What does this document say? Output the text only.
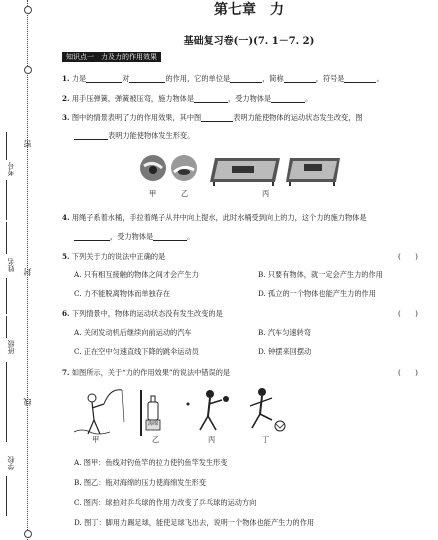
密
封
线
考号
姓名
班级
学校
第七章　力
基础复习卷(一)(7. 1－7. 2)
知识点一　力及力的作用效果
1. 力是	对	的作用，它的单位是	，简称	，符号是	。
2. 用手压弹簧，弹簧被压弯，施力物体是	，受力物体是	。
3. 图中的情景表明了力的作用效果，其中图	表明力能使物体的运动状态发生改变，图
表明力能使物体发生形变。
甲	乙	丙
4. 用绳子系着水桶，手拉着绳子从井中向上提水，此时水桶受到向上的力，这个力的施力物体是
，受力物体是	。
5. 下列关于力的说法中正确的是	(　　)
A. 只有相互接触的物体之间才会产生力	B. 只要有物体，就一定会产生力的作用
C. 力不能脱离物体而单独存在	D. 孤立的一个物体也能产生力的作用
6. 下列情景中，物体的运动状态没有发生改变的是	(　　)
A. 关闭发动机后继续向前运动的汽车	B. 汽车匀速转弯
C. 正在空中匀速直线下降的跳伞运动员	D. 钟摆来回摆动
7. 如图所示，关于“力的作用效果”的说法中错误的是	(　　)
海绵
甲	乙	丙	丁
A. 图甲：鱼线对钓鱼竿的拉力使钓鱼竿发生形变
B. 图乙：瓶对海绵的压力使海绵发生形变
C. 图丙：球拍对乒乓球的作用力改变了乒乓球的运动方向
D. 图丁：脚用力踢足球，能使足球飞出去，说明一个物体也能产生力的作用
